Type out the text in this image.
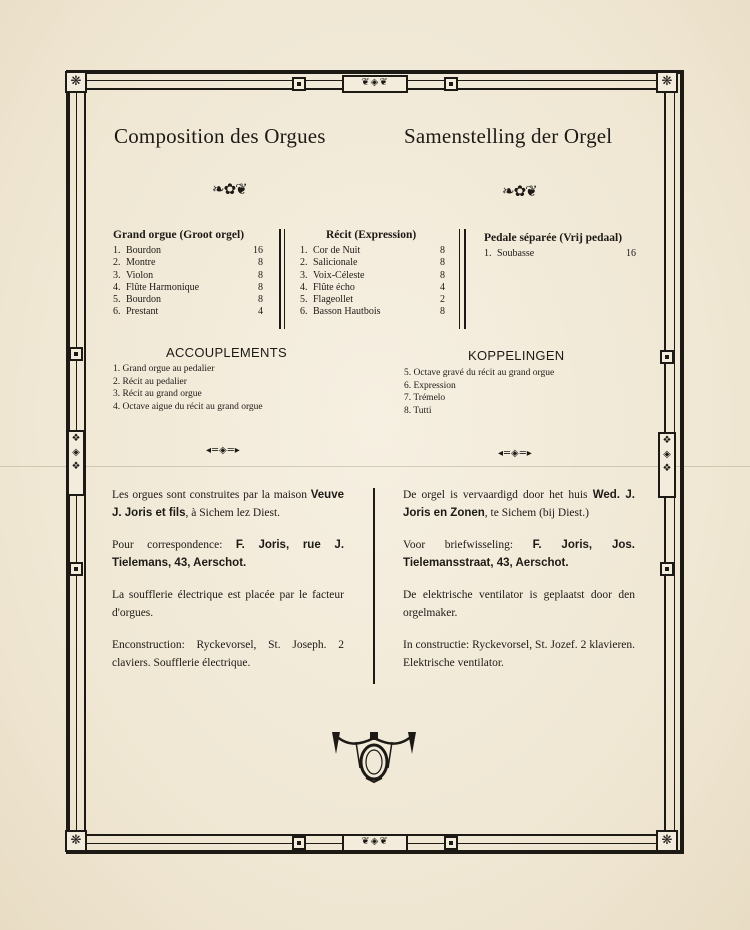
❋	❋
❋	❋
❦◈❦
❦◈❦
❖
◈
❖
❖
◈
❖
Composition des Orgues	Samenstelling der Orgel
❧✿❦	❧✿❦
Grand orgue (Groot orgel)
1. Bourdon	16
2. Montre	8
3. Violon	8
4. Flûte Harmonique	8
5. Bourdon	8
6. Prestant	4
Récit (Expression)
1. Cor de Nuit	8
2. Salicionale	8
3. Voix-Céleste	8
4. Flûte écho	4
5. Flageollet	2
6. Basson Hautbois	8
Pedale séparée (Vrij pedaal)
1. Soubasse	16
ACCOUPLEMENTS	KOPPELINGEN
1. Grand orgue au pedalier
2. Récit au pedalier
3. Récit au grand orgue
4. Octave aigue du récit au grand orgue
5. Octave gravé du récit au grand orgue
6. Expression
7. Trémelo
8. Tutti
◂═◈═▸	◂═◈═▸

Les orgues sont construites par la maison Veuve J. Joris et fils, à Sichem lez Diest.

Pour correspondence: F. Joris, rue J. Tielemans, 43, Aerschot.

La soufflerie électrique est placée par le facteur d'orgues.

Enconstruction: Ryckevorsel, St. Joseph. 2 claviers. Soufflerie électrique.

De orgel is vervaardigd door het huis Wed. J. Joris en Zonen, te Sichem (bij Diest.)

Voor briefwisseling: F. Joris, Jos. Tielemansstraat, 43, Aerschot.

De elektrische ventilator is geplaatst door den orgelmaker.

In constructie: Ryckevorsel, St. Jozef. 2 klavieren. Elektrische ventilator.
